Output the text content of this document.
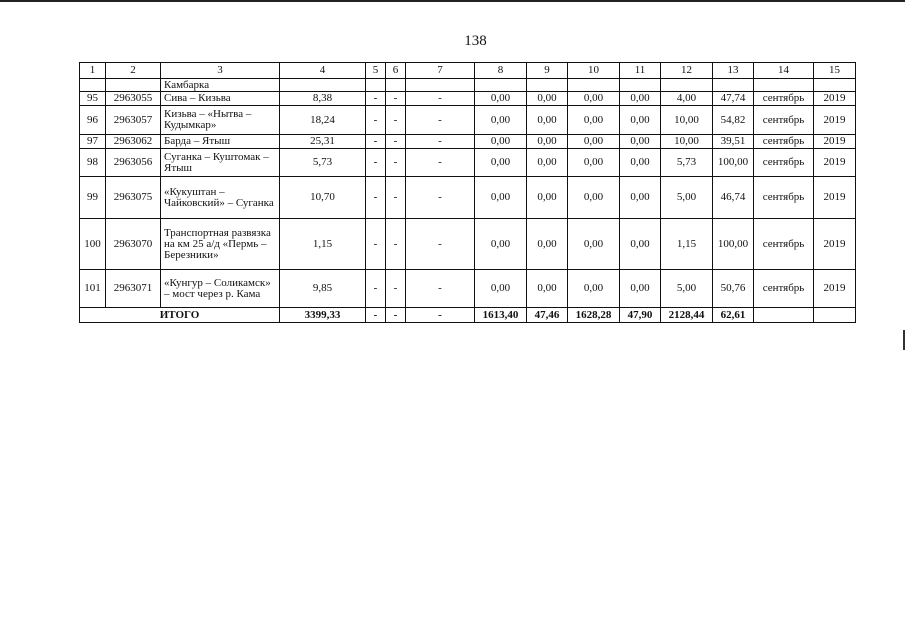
138
1	2	3	4	5	6	7	8	9	10	11	12	13	14	15
		Камбарка												
95	2963055	Сива – Кизьва	8,38	-	-	-	0,00	0,00	0,00	0,00	4,00	47,74	сентябрь	2019
96	2963057	Кизьва – «Нытва – Кудымкар»	18,24	-	-	-	0,00	0,00	0,00	0,00	10,00	54,82	сентябрь	2019
97	2963062	Барда – Ятыш	25,31	-	-	-	0,00	0,00	0,00	0,00	10,00	39,51	сентябрь	2019
98	2963056	Суганка – Куштомак – Ятыш	5,73	-	-	-	0,00	0,00	0,00	0,00	5,73	100,00	сентябрь	2019
99	2963075	«Кукуштан – Чайковский» – Суганка	10,70	-	-	-	0,00	0,00	0,00	0,00	5,00	46,74	сентябрь	2019
100	2963070	Транспортная развязка на км 25 а/д «Пермь – Березники»	1,15	-	-	-	0,00	0,00	0,00	0,00	1,15	100,00	сентябрь	2019
101	2963071	«Кунгур – Соликамск» – мост через р. Кама	9,85	-	-	-	0,00	0,00	0,00	0,00	5,00	50,76	сентябрь	2019
ИТОГО			3399,33	-	-	-	1613,40	47,46	1628,28	47,90	2128,44	62,61		
